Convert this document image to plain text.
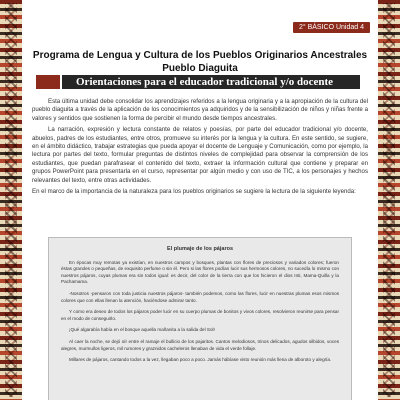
2° BÁSICO Unidad 4
Programa de Lengua y Cultura de los Pueblos Originarios Ancestrales
Pueblo Diaguita
Orientaciones para el educador tradicional y/o docente

Esta última unidad debe consolidar los aprendizajes referidos a la lengua originaria y a la apropiación de la cultura del pueblo diaguita a través de la aplicación de los conocimientos ya adquiridos y de la sensibilización de niños y niñas frente a valores y sentidos que sostienen la forma de percibir el mundo desde tiempos ancestrales.

La narración, expresión y lectura constante de relatos y poesías, por parte del educador tradicional y/o docente, abuelos, padres de los estudiantes, entre otros, promueve su interés por la lengua y la cultura. En este sentido, se sugiere, en el ámbito didáctico, trabajar estrategias que pueda apoyar el docente de Lenguaje y Comunicación, como por ejemplo, la lectura por partes del texto, formular preguntas de distintos niveles de complejidad para observar la comprensión de los estudiantes, que puedan parafrasear el contenido del texto, extraer la información cultural que contiene y preparar en grupos PowerPoint para presentarla en el curso, representar por algún medio y con uso de TIC, a los personajes y hechos relevantes del texto, entre otras actividades.

En el marco de la importancia de la naturaleza para los pueblos originarios se sugiere la lectura de la siguiente leyenda:

El plumaje de los pájaros

En épocas muy remotas ya existían, en nuestros campos y bosques, plantas con flores de preciosos y variados colores; fueron éstas grandes o pequeñas, de exquisito perfume o sin él. Pero si las flores podían lucir sus hermosos colores, no sucedía lo mismo con nuestros pájaros, cuyas plumas era sin todos igual: es decir, del color de la tierra con que los hicieron el dios Inti, Mama-Quilla y la Pachamama.

-Nosotros -pensaron con toda justicia nuestros pájaros- también podemos, como las flores, lucir en nuestras plumas esos mismos colores que con ellas llenan la atención, haciéndose admirar tanto.

Y como era deseo de todos los pájaros poder lucir en su cuerpo plumas de bonitos y vivos colores, resolvieron reunirse para pensar en el modo de conseguirlo.

¡Qué algarabía había en el bosque aquella mañanita a la salida del Sol!

Al caer la noche, se dejó oír entre el ramaje el bullicio de los pajaritos. Cantos melodiosos, trinos delicados, agudos silbidos, voces alegres, murmullos ligeros, mil rumores y graznidos cacheleros llenaban de vida el verde follaje.

Millares de pájaros, cantando todos a la vez, llegaban poco a poco. Jamás hábíase visto reunión más llena de alboroto y alegría.
